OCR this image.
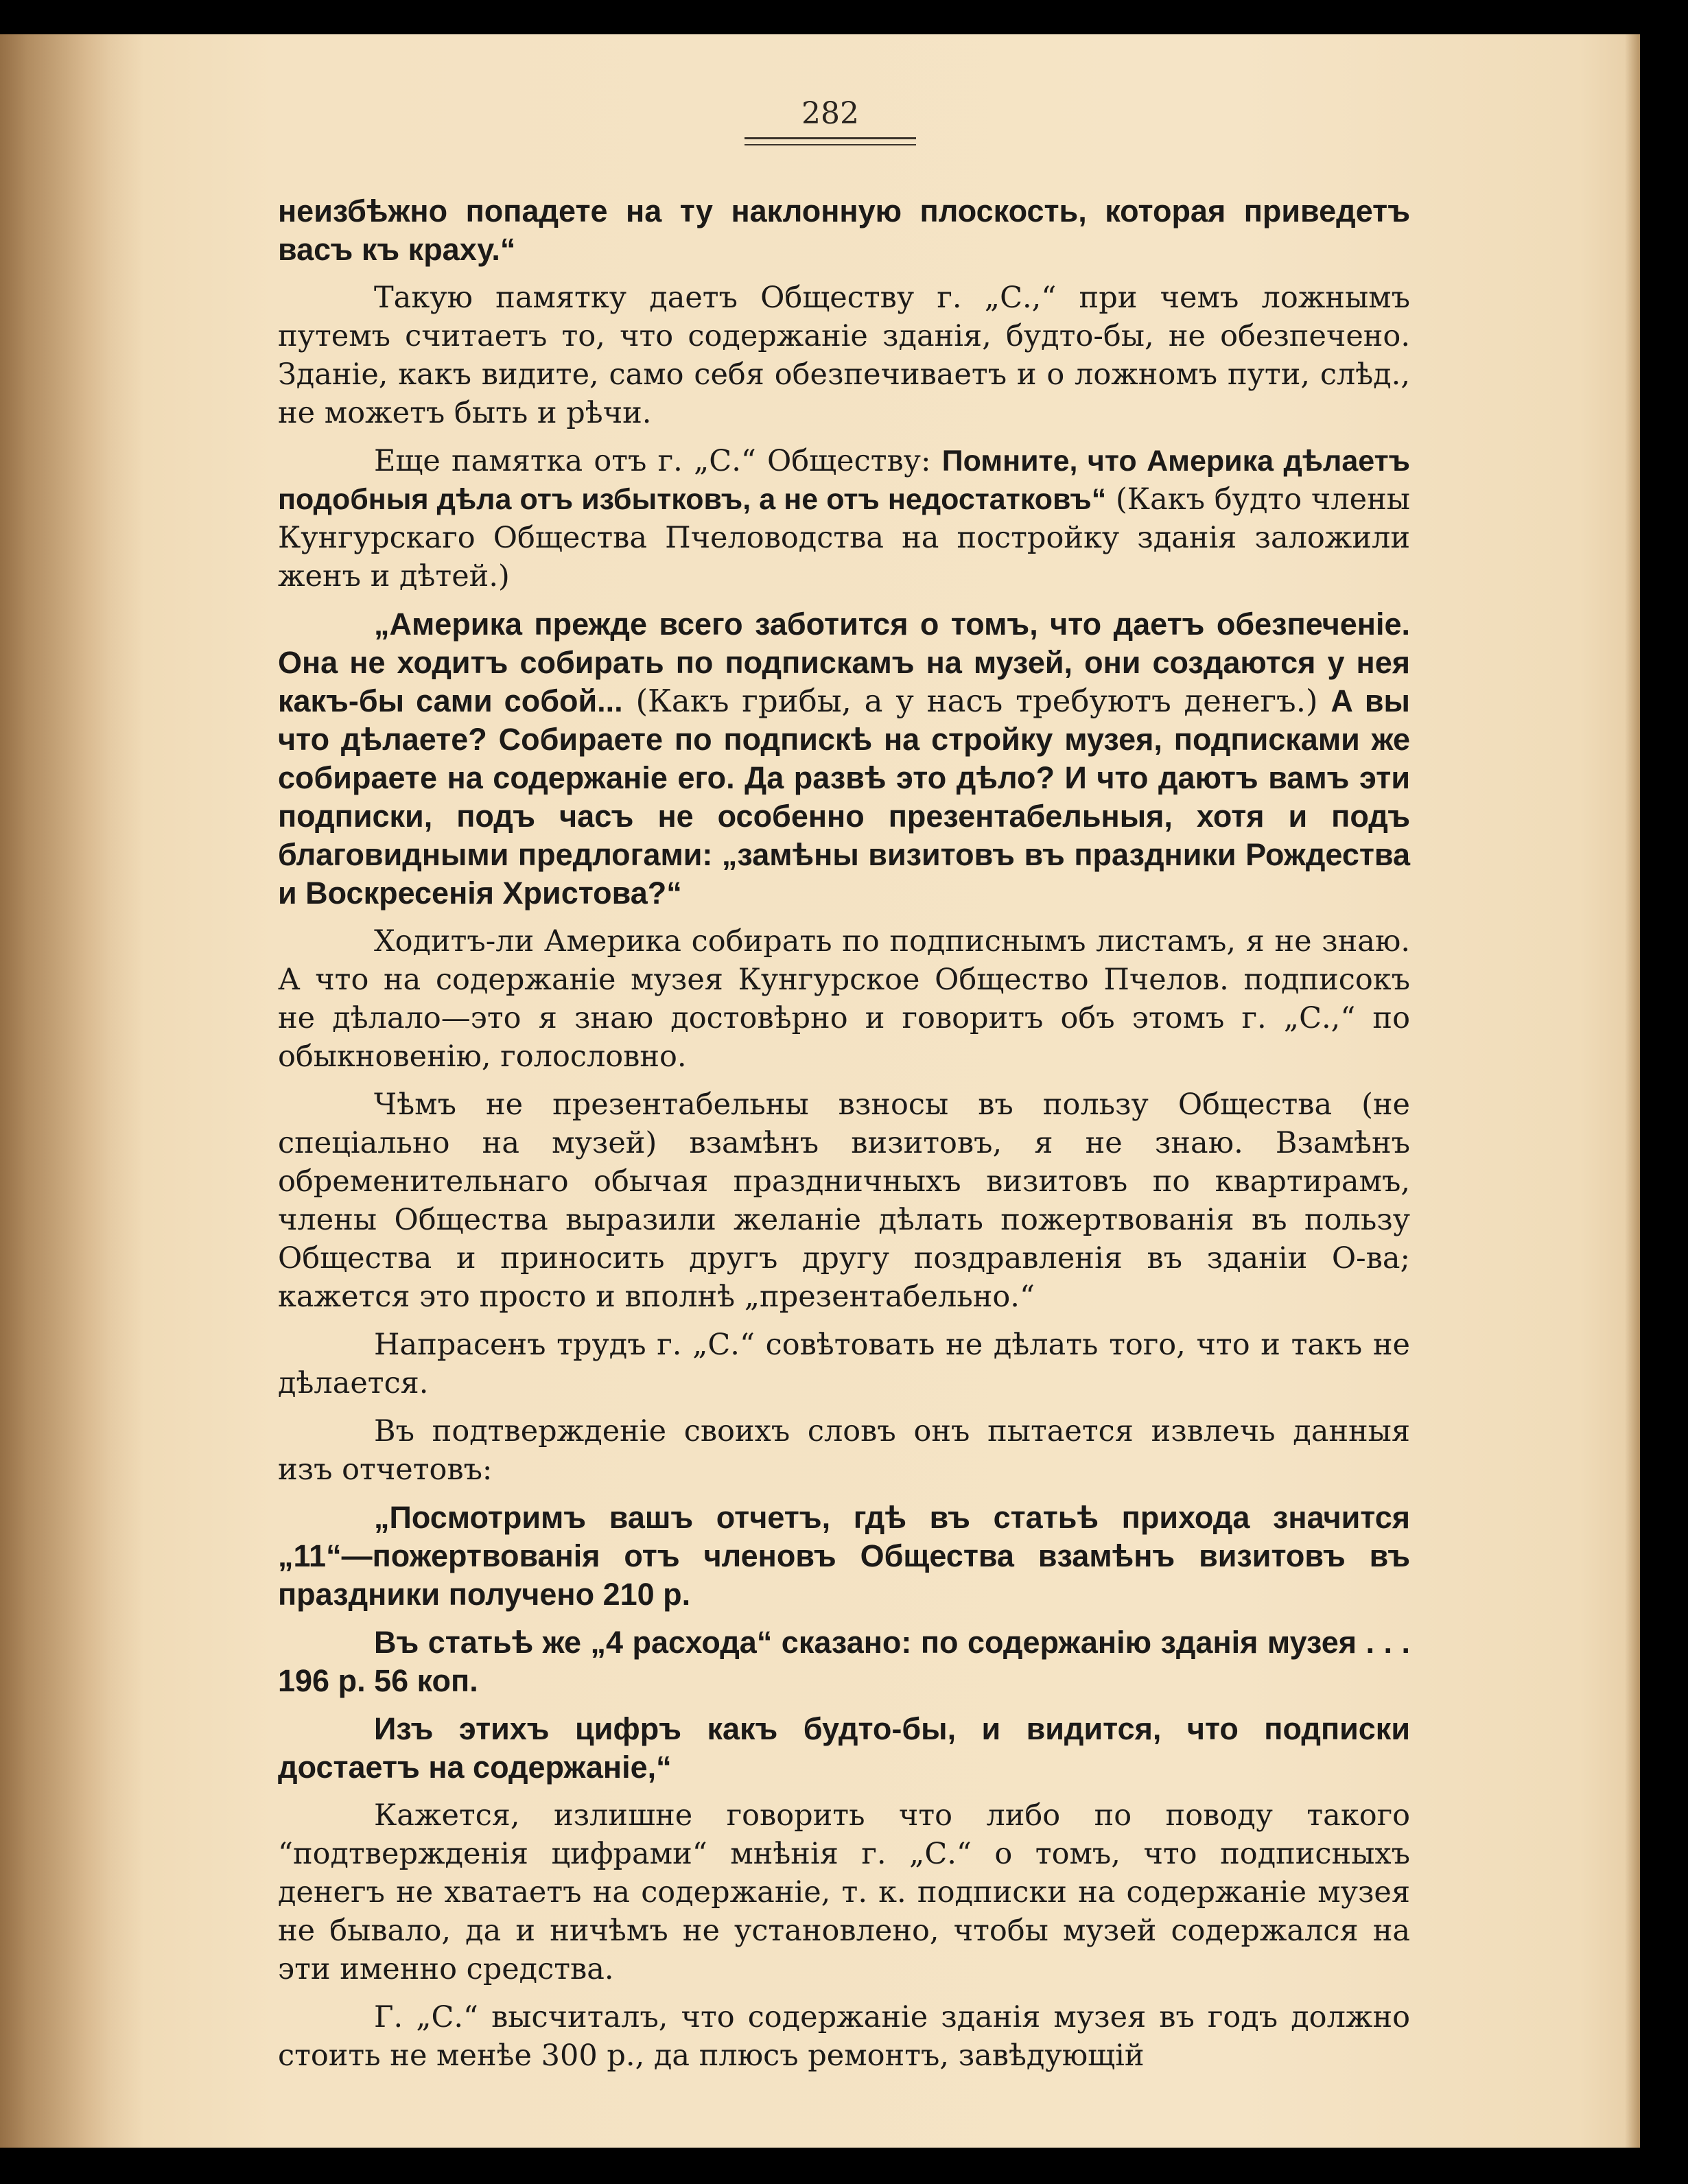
282

неизбѣжно попадете на ту наклонную плоскость, которая приведетъ васъ къ краху.“

Такую памятку даетъ Обществу г. „С.,“ при чемъ ложнымъ путемъ считаетъ то, что содержаніе зданія, будто-бы, не обезпечено. Зданіе, какъ видите, само себя обезпечиваетъ и о ложномъ пути, слѣд., не можетъ быть и рѣчи.

Еще памятка отъ г. „С.“ Обществу: Помните, что Америка дѣлаетъ подобныя дѣла отъ избытковъ, а не отъ недостатковъ“ (Какъ будто члены Кунгурскаго Общества Пчеловодства на постройку зданія заложили женъ и дѣтей.)

„Америка прежде всего заботится о томъ, что даетъ обезпеченіе. Она не ходитъ собирать по подпискамъ на музей, они создаются у нея какъ-бы сами собой... (Какъ грибы, а у насъ требуютъ денегъ.) А вы что дѣлаете? Собираете по подпискѣ на стройку музея, подписками же собираете на содержаніе его. Да развѣ это дѣло? И что даютъ вамъ эти подписки, подъ часъ не особенно презентабельныя, хотя и подъ благовидными предлогами: „замѣны визитовъ въ праздники Рождества и Воскресенія Христова?“

Ходитъ-ли Америка собирать по подписнымъ листамъ, я не знаю. А что на содержаніе музея Кунгурское Общество Пчелов. подписокъ не дѣлало—это я знаю достовѣрно и говоритъ объ этомъ г. „С.,“ по обыкновенію, голословно.

Чѣмъ не презентабельны взносы въ пользу Общества (не спеціально на музей) взамѣнъ визитовъ, я не знаю. Взамѣнъ обременительнаго обычая праздничныхъ визитовъ по квартирамъ, члены Общества выразили желаніе дѣлать пожертвованія въ пользу Общества и приносить другъ другу поздравленія въ зданіи О-ва; кажется это просто и вполнѣ „презентабельно.“

Напрасенъ трудъ г. „С.“ совѣтовать не дѣлать того, что и такъ не дѣлается.

Въ подтвержденіе своихъ словъ онъ пытается извлечь данныя изъ отчетовъ:

„Посмотримъ вашъ отчетъ, гдѣ въ статьѣ прихода значится „11“—пожертвованія отъ членовъ Общества взамѣнъ визитовъ въ праздники получено 210 р.

Въ статьѣ же „4 расхода“ сказано: по содержанію зданія музея . . . 196 р. 56 коп.

Изъ этихъ цифръ какъ будто-бы, и видится, что подписки достаетъ на содержаніе,“

Кажется, излишне говорить что либо по поводу такого “подтвержденія цифрами“ мнѣнія г. „С.“ о томъ, что подписныхъ денегъ не хватаетъ на содержаніе, т. к. подписки на содержаніе музея не бывало, да и ничѣмъ не установлено, чтобы музей содержался на эти именно средства.

Г. „С.“ высчиталъ, что содержаніе зданія музея въ годъ должно стоить не менѣе 300 р., да плюсъ ремонтъ, завѣдующій
